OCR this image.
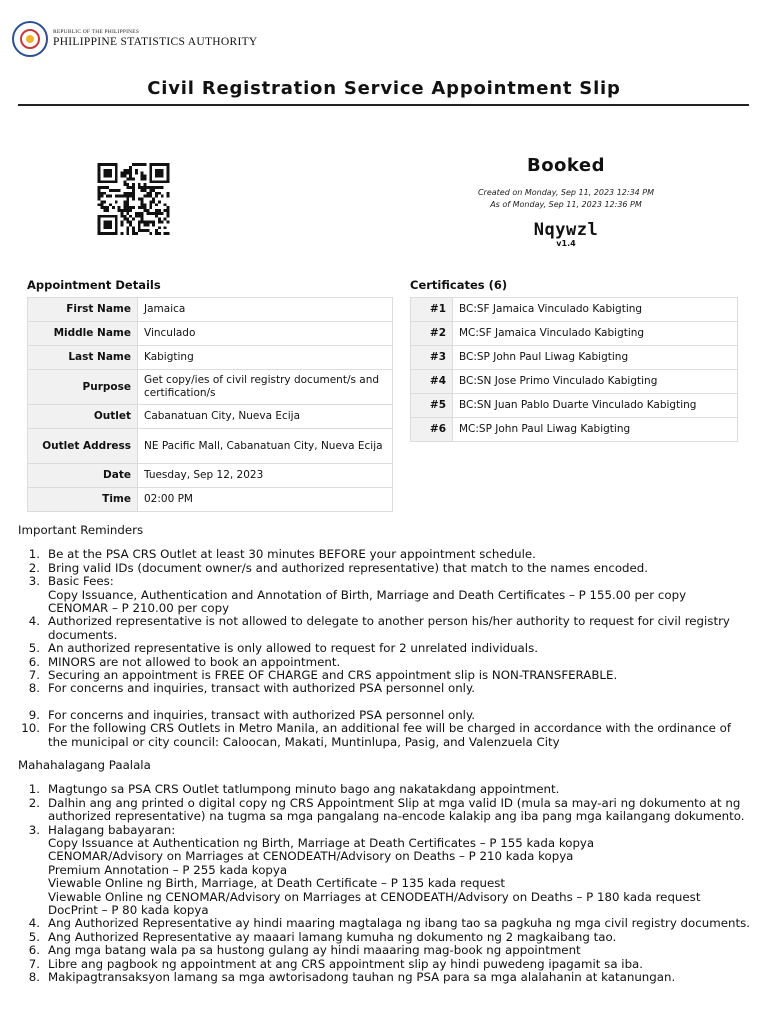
REPUBLIC OF THE PHILIPPINES
PHILIPPINE STATISTICS AUTHORITY
Civil Registration Service Appointment Slip
Booked
Created on Monday, Sep 11, 2023 12:34 PM
As of Monday, Sep 11, 2023 12:36 PM
Nqywzl
v1.4
Appointment Details
First Name	Jamaica
Middle Name	Vinculado
Last Name	Kabigting
Purpose	Get copy/ies of civil registry document/s and certification/s
Outlet	Cabanatuan City, Nueva Ecija
Outlet Address	NE Pacific Mall, Cabanatuan City, Nueva Ecija
Date	Tuesday, Sep 12, 2023
Time	02:00 PM
Certificates (6)
#1	BC:SF Jamaica Vinculado Kabigting
#2	MC:SF Jamaica Vinculado Kabigting
#3	BC:SP John Paul Liwag Kabigting
#4	BC:SN Jose Primo Vinculado Kabigting
#5	BC:SN Juan Pablo Duarte Vinculado Kabigting
#6	MC:SP John Paul Liwag Kabigting

Important Reminders

1. Be at the PSA CRS Outlet at least 30 minutes BEFORE your appointment schedule.
2. Bring valid IDs (document owner/s and authorized representative) that match to the names encoded.
3. Basic Fees:
Copy Issuance, Authentication and Annotation of Birth, Marriage and Death Certificates – P 155.00 per copy
CENOMAR – P 210.00 per copy
4. Authorized representative is not allowed to delegate to another person his/her authority to request for civil registry documents.
5. An authorized representative is only allowed to request for 2 unrelated individuals.
6. MINORS are not allowed to book an appointment.
7. Securing an appointment is FREE OF CHARGE and CRS appointment slip is NON-TRANSFERABLE.
8. For concerns and inquiries, transact with authorized PSA personnel only.
9. For concerns and inquiries, transact with authorized PSA personnel only.
10. For the following CRS Outlets in Metro Manila, an additional fee will be charged in accordance with the ordinance of the municipal or city council: Caloocan, Makati, Muntinlupa, Pasig, and Valenzuela City

Mahahalagang Paalala

1. Magtungo sa PSA CRS Outlet tatlumpong minuto bago ang nakatakdang appointment.
2. Dalhin ang ang printed o digital copy ng CRS Appointment Slip at mga valid ID (mula sa may-ari ng dokumento at ng authorized representative) na tugma sa mga pangalang na-encode kalakip ang iba pang mga kailangang dokumento.
3. Halagang babayaran:
Copy Issuance at Authentication ng Birth, Marriage at Death Certificates – P 155 kada kopya
CENOMAR/Advisory on Marriages at CENODEATH/Advisory on Deaths – P 210 kada kopya
Premium Annotation – P 255 kada kopya
Viewable Online ng Birth, Marriage, at Death Certificate – P 135 kada request
Viewable Online ng CENOMAR/Advisory on Marriages at CENODEATH/Advisory on Deaths – P 180 kada request
DocPrint – P 80 kada kopya
4. Ang Authorized Representative ay hindi maaring magtalaga ng ibang tao sa pagkuha ng mga civil registry documents.
5. Ang Authorized Representative ay maaari lamang kumuha ng dokumento ng 2 magkaibang tao.
6. Ang mga batang wala pa sa hustong gulang ay hindi maaaring mag-book ng appointment
7. Libre ang pagbook ng appointment at ang CRS appointment slip ay hindi puwedeng ipagamit sa iba.
8. Makipagtransaksyon lamang sa mga awtorisadong tauhan ng PSA para sa mga alalahanin at katanungan.
